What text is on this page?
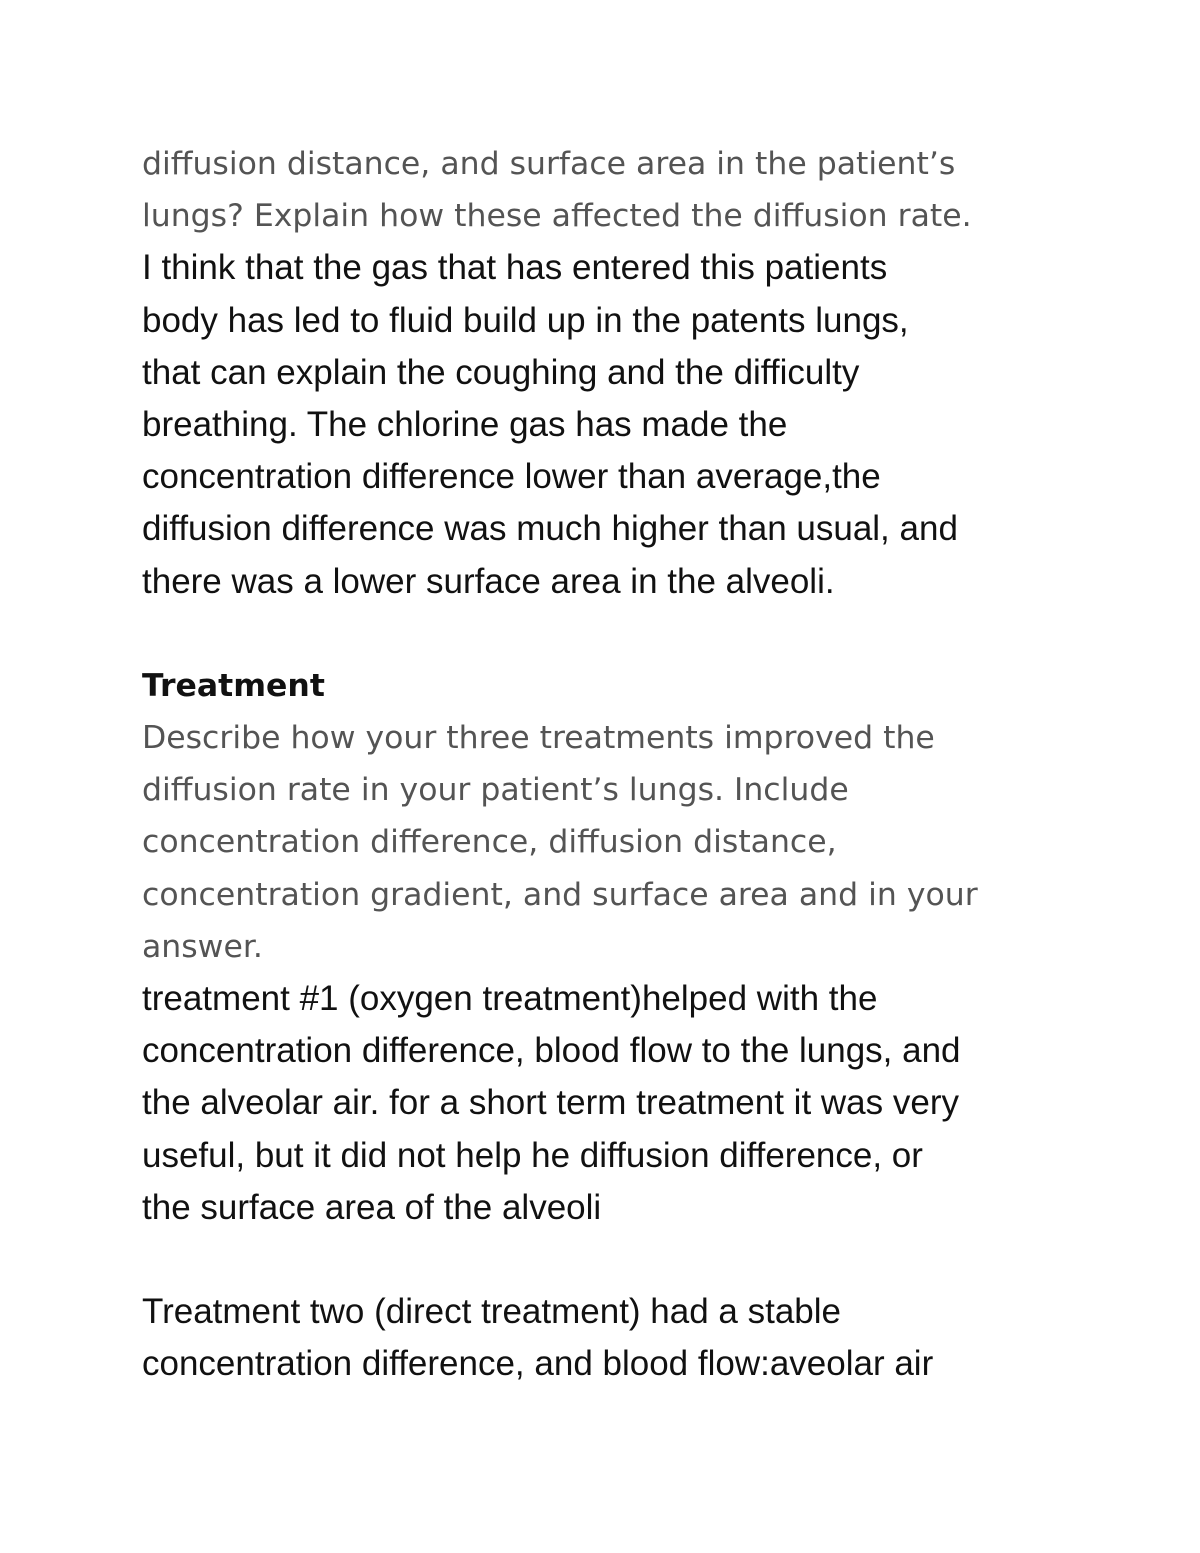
diffusion distance, and surface area in the patient’s
lungs? Explain how these affected the diffusion rate.
I think that the gas that has entered this patients
body has led to fluid build up in the patents lungs,
that can explain the coughing and the difficulty
breathing. The chlorine gas has made the
concentration difference lower than average,the
diffusion difference was much higher than usual, and
there was a lower surface area in the alveoli.
Treatment
Describe how your three treatments improved the
diffusion rate in your patient’s lungs. Include
concentration difference, diffusion distance,
concentration gradient, and surface area and in your
answer.
treatment #1 (oxygen treatment)helped with the
concentration difference, blood flow to the lungs, and
the alveolar air. for a short term treatment it was very
useful, but it did not help he diffusion difference, or
the surface area of the alveoli
Treatment two (direct treatment) had a stable
concentration difference, and blood flow:aveolar air
